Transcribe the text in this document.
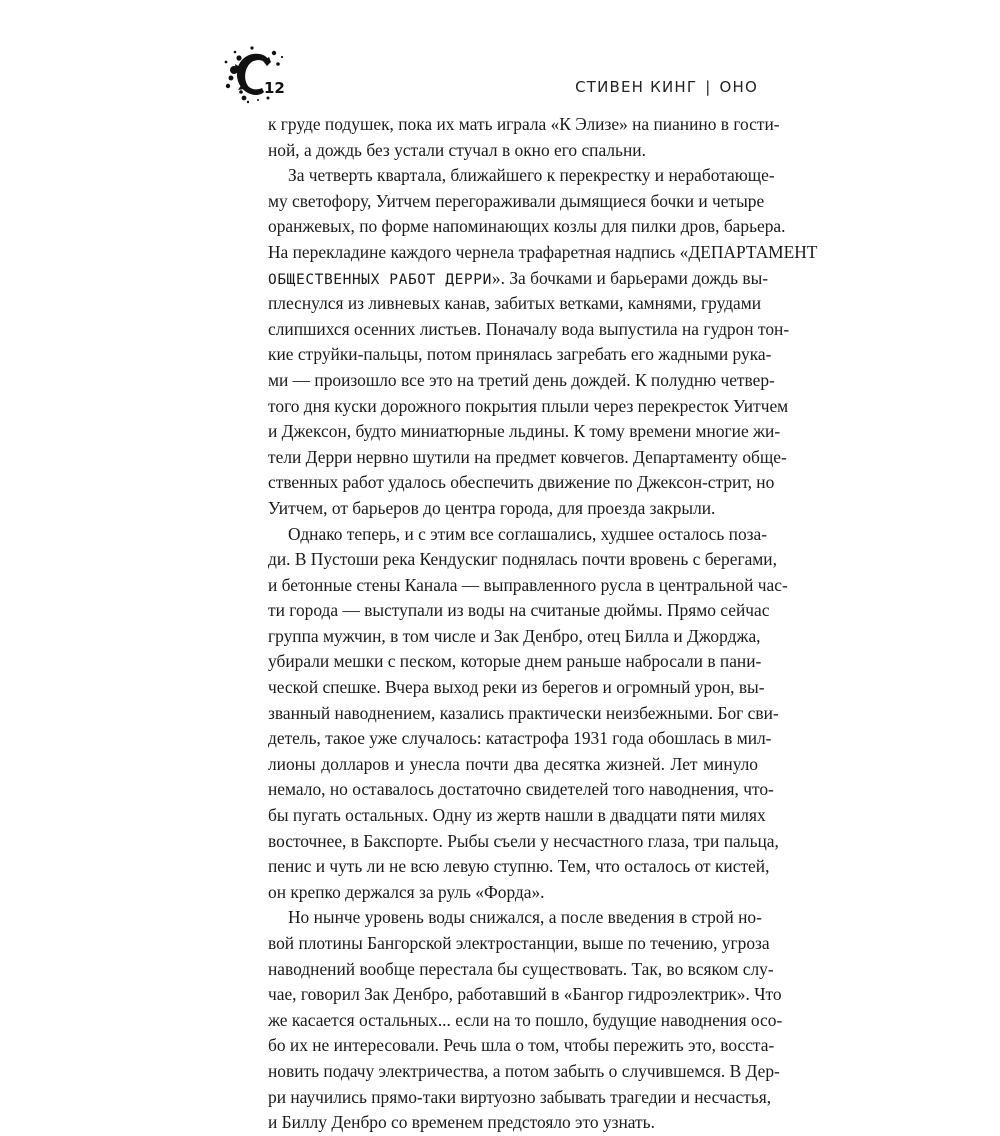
12	СТИВЕН КИНГ | ОНО
к груде подушек, пока их мать играла «К Элизе» на пианино в гости-
ной, а дождь без устали стучал в окно его спальни.
За четверть квартала, ближайшего к перекрестку и неработающе-
му светофору, Уитчем перегораживали дымящиеся бочки и четыре
оранжевых, по форме напоминающих козлы для пилки дров, барьера.
На перекладине каждого чернела трафаретная надпись «ДЕПАРТАМЕНТ
ОБЩЕСТВЕННЫХ РАБОТ ДЕРРИ». За бочками и барьерами дождь вы-
плеснулся из ливневых канав, забитых ветками, камнями, грудами
слипшихся осенних листьев. Поначалу вода выпустила на гудрон тон-
кие струйки-пальцы, потом принялась загребать его жадными рука-
ми — произошло все это на третий день дождей. К полудню четвер-
того дня куски дорожного покрытия плыли через перекресток Уитчем
и Джексон, будто миниатюрные льдины. К тому времени многие жи-
тели Дерри нервно шутили на предмет ковчегов. Департаменту обще-
ственных работ удалось обеспечить движение по Джексон-стрит, но
Уитчем, от барьеров до центра города, для проезда закрыли.
Однако теперь, и с этим все соглашались, худшее осталось поза-
ди. В Пустоши река Кендускиг поднялась почти вровень с берегами,
и бетонные стены Канала — выправленного русла в центральной час-
ти города — выступали из воды на считаные дюймы. Прямо сейчас
группа мужчин, в том числе и Зак Денбро, отец Билла и Джорджа,
убирали мешки с песком, которые днем раньше набросали в пани-
ческой спешке. Вчера выход реки из берегов и огромный урон, вы-
званный наводнением, казались практически неизбежными. Бог сви-
детель, такое уже случалось: катастрофа 1931 года обошлась в мил-
лионы долларов и унесла почти два десятка жизней. Лет минуло
немало, но оставалось достаточно свидетелей того наводнения, что-
бы пугать остальных. Одну из жертв нашли в двадцати пяти милях
восточнее, в Бакспорте. Рыбы съели у несчастного глаза, три пальца,
пенис и чуть ли не всю левую ступню. Тем, что осталось от кистей,
он крепко держался за руль «Форда».
Но нынче уровень воды снижался, а после введения в строй но-
вой плотины Бангорской электростанции, выше по течению, угроза
наводнений вообще перестала бы существовать. Так, во всяком слу-
чае, говорил Зак Денбро, работавший в «Бангор гидроэлектрик». Что
же касается остальных... если на то пошло, будущие наводнения осо-
бо их не интересовали. Речь шла о том, чтобы пережить это, восста-
новить подачу электричества, а потом забыть о случившемся. В Дер-
ри научились прямо-таки виртуозно забывать трагедии и несчастья,
и Биллу Денбро со временем предстояло это узнать.
